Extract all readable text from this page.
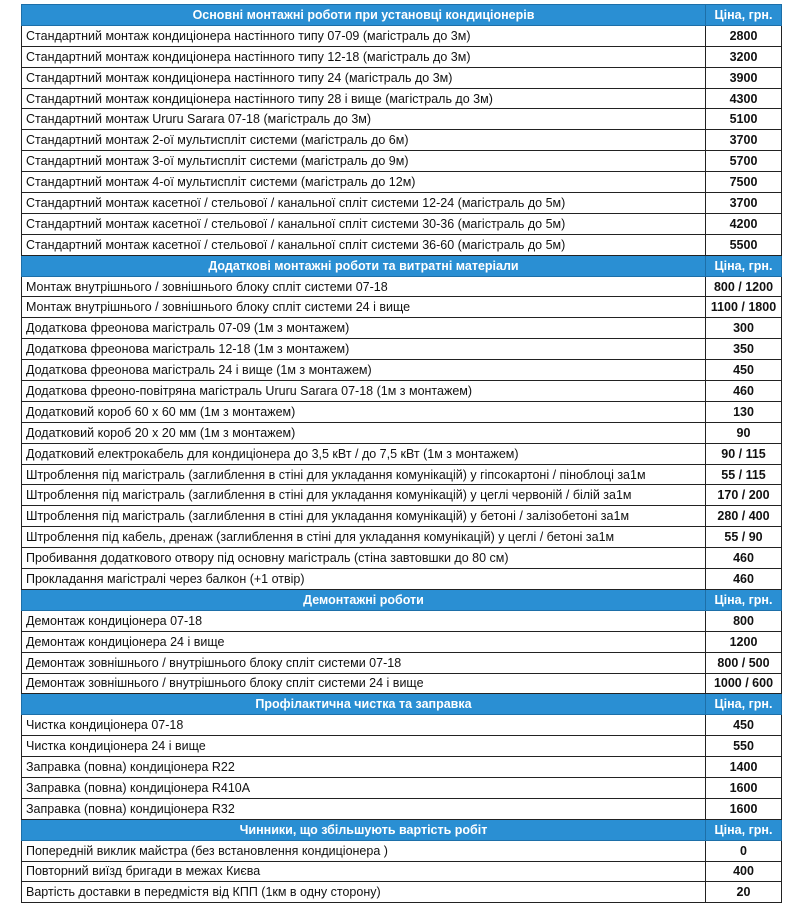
Основні монтажні роботи при установці кондиціонерів	Ціна, грн.
Стандартний монтаж кондиціонера настінного типу 07-09 (магістраль до 3м)	2800
Стандартний монтаж кондиціонера настінного типу 12-18 (магістраль до 3м)	3200
Стандартний монтаж кондиціонера настінного типу 24 (магістраль до 3м)	3900
Стандартний монтаж кондиціонера настінного типу 28 і вище (магістраль до 3м)	4300
Стандартний монтаж Ururu Sarara 07-18 (магістраль до 3м)	5100
Стандартний монтаж 2-ої мультиспліт системи (магістраль до 6м)	3700
Стандартний монтаж 3-ої мультиспліт системи (магістраль до 9м)	5700
Стандартний монтаж 4-ої мультиспліт системи (магістраль до 12м)	7500
Стандартний монтаж касетної / стельової / канальної спліт системи 12-24 (магістраль до 5м)	3700
Стандартний монтаж касетної / стельової / канальної спліт системи 30-36 (магістраль до 5м)	4200
Стандартний монтаж касетної / стельової / канальної спліт системи 36-60 (магістраль до 5м)	5500
Додаткові монтажні роботи та витратні матеріали	Ціна, грн.
Монтаж внутрішнього / зовнішнього блоку спліт системи 07-18	800 / 1200
Монтаж внутрішнього / зовнішнього блоку спліт системи 24 і вище	1100 / 1800
Додаткова фреонова магістраль 07-09 (1м з монтажем)	300
Додаткова фреонова магістраль 12-18 (1м з монтажем)	350
Додаткова фреонова магістраль 24 і вище (1м з монтажем)	450
Додаткова фреоно-повітряна магістраль Ururu Sarara 07-18 (1м з монтажем)	460
Додатковий короб 60 х 60 мм (1м з монтажем)	130
Додатковий короб 20 х 20 мм (1м з монтажем)	90
Додатковий електрокабель для кондиціонера до 3,5 кВт / до 7,5 кВт (1м з монтажем)	90 / 115
Штроблення під магістраль (заглиблення в стіні для укладання комунікацій) у гіпсокартоні / піноблоці за1м	55 / 115
Штроблення під магістраль (заглиблення в стіні для укладання комунікацій) у цеглі червоній / білій за1м	170 / 200
Штроблення під магістраль (заглиблення в стіні для укладання комунікацій) у бетоні / залізобетоні за1м	280 / 400
Штроблення під кабель, дренаж (заглиблення в стіні для укладання комунікацій) у цеглі / бетоні за1м	55 / 90
Пробивання додаткового отвору під основну магістраль (стіна завтовшки до 80 см)	460
Прокладання магістралі через балкон (+1 отвір)	460
Демонтажні роботи	Ціна, грн.
Демонтаж кондиціонера 07-18	800
Демонтаж кондиціонера 24 і вище	1200
Демонтаж зовнішнього / внутрішнього блоку спліт системи 07-18	800 / 500
Демонтаж зовнішнього / внутрішнього блоку спліт системи 24 і вище	1000 / 600
Профілактична чистка та заправка	Ціна, грн.
Чистка кондиціонера 07-18	450
Чистка кондиціонера 24 і вище	550
Заправка (повна) кондиціонера R22	1400
Заправка (повна) кондиціонера R410A	1600
Заправка (повна) кондиціонера R32	1600
Чинники, що збільшують вартість робіт	Ціна, грн.
Попередній виклик майстра (без встановлення кондиціонера )	0
Повторний виїзд бригади в межах Києва	400
Вартість доставки в передмістя від КПП (1км в одну сторону)	20
